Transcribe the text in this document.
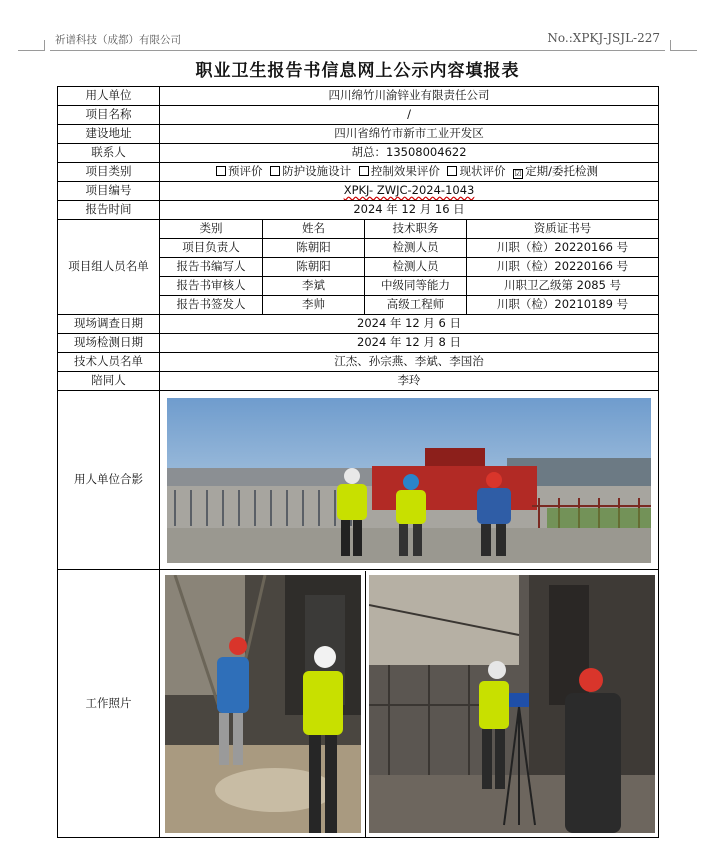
祈谱科技（成都）有限公司	No.:XPKJ-JSJL-227
职业卫生报告书信息网上公示内容填报表
用人单位	四川绵竹川渝锌业有限责任公司			
项目名称	/			
建设地址	四川省绵竹市新市工业开发区			
联系人	胡总：13508004622			
项目类别	预评价 防护设施设计 控制效果评价 现状评价 ☑ 定期/委托检测			
项目编号	XPKJ- ZWJC-2024-1043			
报告时间	2024 年 12 月 16 日			
项目组人员名单	类别	姓名	技术职务	资质证书号
	项目负责人	陈朝阳	检测人员	川职（检）20220166 号
	报告书编写人	陈朝阳	检测人员	川职（检）20220166 号
	报告书审核人	李斌	中级同等能力	川职卫乙级第 2085 号
	报告书签发人	李帅	高级工程师	川职（检）20210189 号
现场调查日期	2024 年 12 月 6 日			
现场检测日期	2024 年 12 月 8 日			
技术人员名单	江杰、孙宗燕、李斌、李国治			
陪同人	李玲			
用人单位合影	

工作照片	
